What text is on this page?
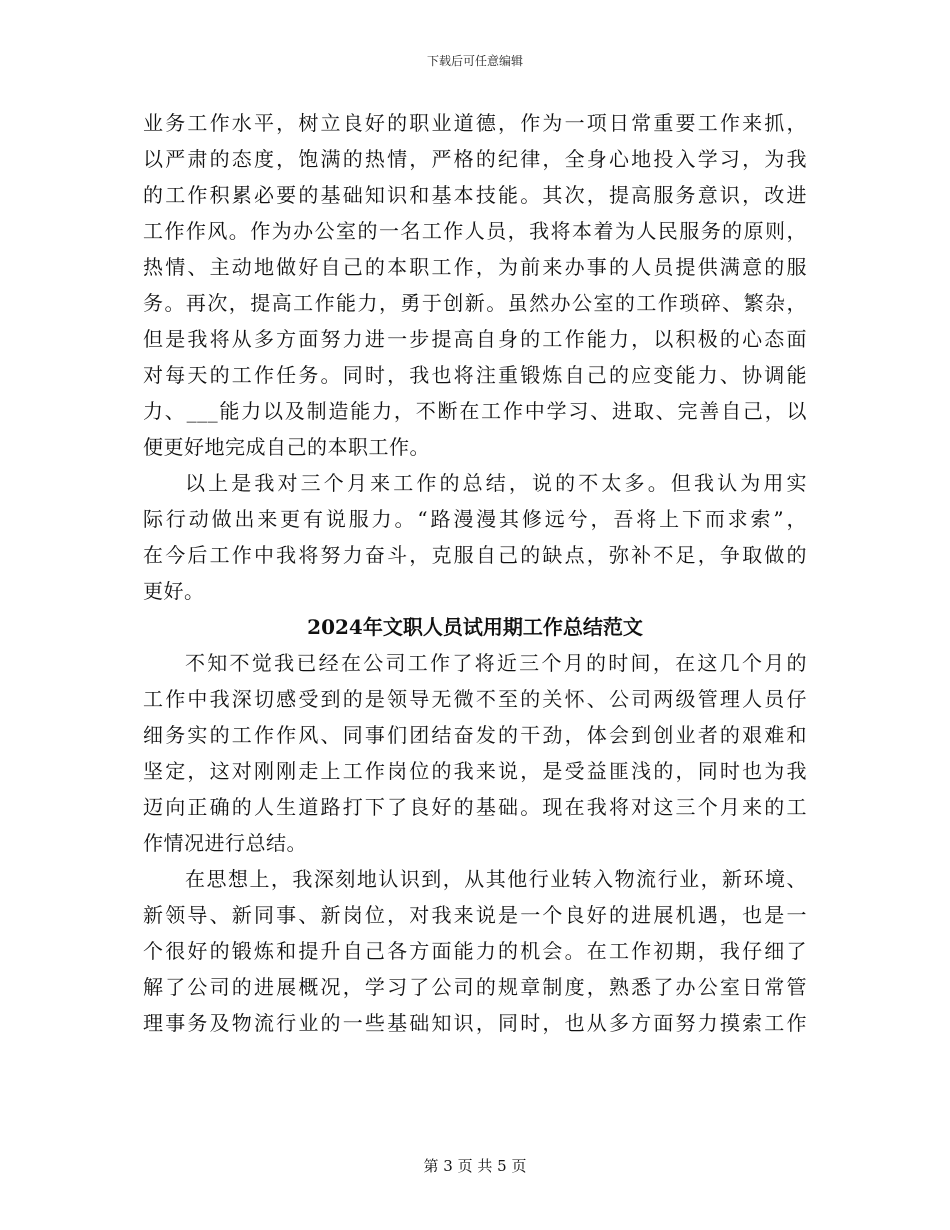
下载后可任意编辑
业务工作水平，树立良好的职业道德，作为一项日常重要工作来抓，
以严肃的态度，饱满的热情，严格的纪律，全身心地投入学习，为我
的工作积累必要的基础知识和基本技能。其次，提高服务意识，改进
工作作风。作为办公室的一名工作人员，我将本着为人民服务的原则，
热情、主动地做好自己的本职工作，为前来办事的人员提供满意的服
务。再次，提高工作能力，勇于创新。虽然办公室的工作琐碎、繁杂，
但是我将从多方面努力进一步提高自身的工作能力，以积极的心态面
对每天的工作任务。同时，我也将注重锻炼自己的应变能力、协调能
力、___能力以及制造能力，不断在工作中学习、进取、完善自己，以
便更好地完成自己的本职工作。
以上是我对三个月来工作的总结，说的不太多。但我认为用实
际行动做出来更有说服力。“路漫漫其修远兮，吾将上下而求索”，
在今后工作中我将努力奋斗，克服自己的缺点，弥补不足，争取做的
更好。
2024年文职人员试用期工作总结范文
不知不觉我已经在公司工作了将近三个月的时间，在这几个月的
工作中我深切感受到的是领导无微不至的关怀、公司两级管理人员仔
细务实的工作作风、同事们团结奋发的干劲，体会到创业者的艰难和
坚定，这对刚刚走上工作岗位的我来说，是受益匪浅的，同时也为我
迈向正确的人生道路打下了良好的基础。现在我将对这三个月来的工
作情况进行总结。
在思想上，我深刻地认识到，从其他行业转入物流行业，新环境、
新领导、新同事、新岗位，对我来说是一个良好的进展机遇，也是一
个很好的锻炼和提升自己各方面能力的机会。在工作初期，我仔细了
解了公司的进展概况，学习了公司的规章制度，熟悉了办公室日常管
理事务及物流行业的一些基础知识，同时，也从多方面努力摸索工作
第 3 页 共 5 页
